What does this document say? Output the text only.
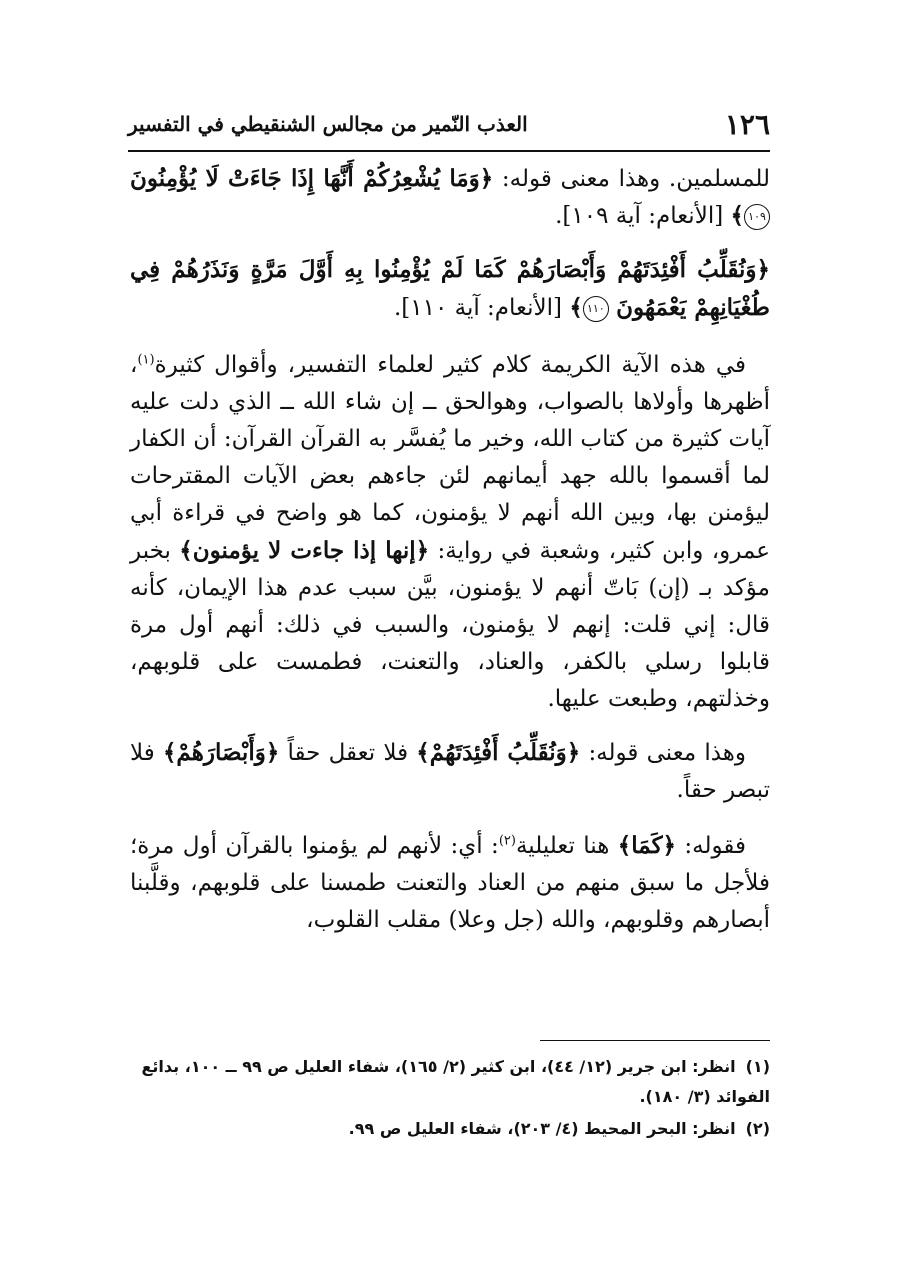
١٢٦
العذب النّمير من مجالس الشنقيطي في التفسير

للمسلمين. وهذا معنى قوله: ﴿وَمَا يُشْعِرُكُمْ أَنَّهَا إِذَا جَاءَتْ لَا يُؤْمِنُونَ ١٠٩﴾ [الأنعام: آية ١٠٩].

﴿وَنُقَلِّبُ أَفْئِدَتَهُمْ وَأَبْصَارَهُمْ كَمَا لَمْ يُؤْمِنُوا بِهِ أَوَّلَ مَرَّةٍ وَنَذَرُهُمْ فِي طُغْيَانِهِمْ يَعْمَهُونَ ١١٠﴾ [الأنعام: آية ١١٠].

في هذه الآية الكريمة كلام كثير لعلماء التفسير، وأقوال كثيرة$^{(١)}$، أظهرها وأولاها بالصواب، وهوالحق ــ إن شاء الله ــ الذي دلت عليه آيات كثيرة من كتاب الله، وخير ما يُفسَّر به القرآن القرآن: أن الكفار لما أقسموا بالله جهد أيمانهم لئن جاءهم بعض الآيات المقترحات ليؤمنن بها، وبين الله أنهم لا يؤمنون، كما هو واضح في قراءة أبي عمرو، وابن كثير، وشعبة في رواية: ﴿إنها إذا جاءت لا يؤمنون﴾ بخبر مؤكد بـ (إن) بَاتّ أنهم لا يؤمنون، بيَّن سبب عدم هذا الإيمان، كأنه قال: إني قلت: إنهم لا يؤمنون، والسبب في ذلك: أنهم أول مرة قابلوا رسلي بالكفر، والعناد، والتعنت، فطمست على قلوبهم، وخذلتهم، وطبعت عليها.

وهذا معنى قوله: ﴿وَنُقَلِّبُ أَفْئِدَتَهُمْ﴾ فلا تعقل حقاً ﴿وَأَبْصَارَهُمْ﴾ فلا تبصر حقاً.

فقوله: ﴿كَمَا﴾ هنا تعليلية$^{(٢)}$: أي: لأنهم لم يؤمنوا بالقرآن أول مرة؛ فلأجل ما سبق منهم من العناد والتعنت طمسنا على قلوبهم، وقلَّبنا أبصارهم وقلوبهم، والله (جل وعلا) مقلب القلوب،

(١)انظر: ابن جرير (١٢/ ٤٤)، ابن كثير (٢/ ١٦٥)، شفاء العليل ص ٩٩ ــ ١٠٠، بدائع الفوائد (٣/ ١٨٠).

(٢)انظر: البحر المحيط (٤/ ٢٠٣)، شفاء العليل ص ٩٩.
